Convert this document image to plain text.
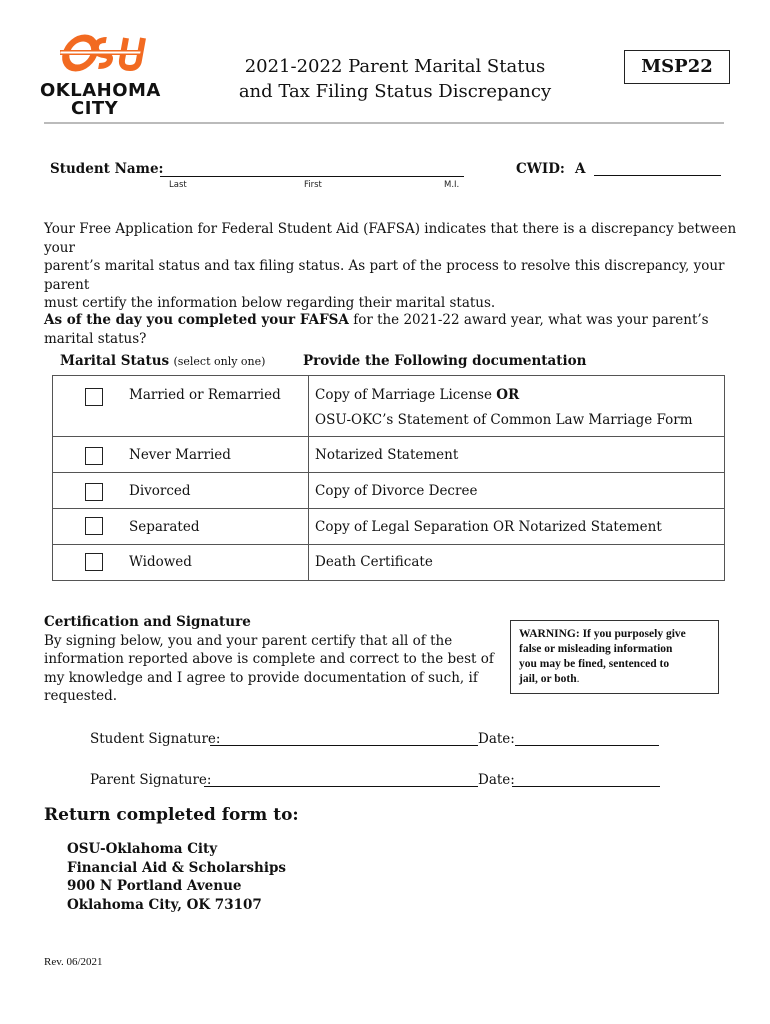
OKLAHOMA
CITY
2021-2022 Parent Marital Status
and Tax Filing Status Discrepancy
MSP22
Student Name:
Last	First	M.I.
CWID: A
Your Free Application for Federal Student Aid (FAFSA) indicates that there is a discrepancy between your
parent’s marital status and tax filing status. As part of the process to resolve this discrepancy, your parent
must certify the information below regarding their marital status.
As of the day you completed your FAFSA for the 2021-22 award year, what was your parent’s
marital status?
Marital Status (select only one)	Provide the Following documentation
	Married or Remarried	Copy of Marriage License OR
OSU-OKC’s Statement of Common Law Marriage Form

	Never Married	Notarized Statement

	Divorced	Copy of Divorce Decree

	Separated	Copy of Legal Separation OR Notarized Statement

	Widowed	Death Certificate
Certification and Signature
By signing below, you and your parent certify that all of the
information reported above is complete and correct to the best of
my knowledge and I agree to provide documentation of such, if
requested.
WARNING: If you purposely give
false or misleading information
you may be fined, sentenced to
jail, or both.
Student Signature:	Date:
Parent Signature:	Date:
Return completed form to:
OSU-Oklahoma City
Financial Aid & Scholarships
900 N Portland Avenue
Oklahoma City, OK 73107
Rev. 06/2021
